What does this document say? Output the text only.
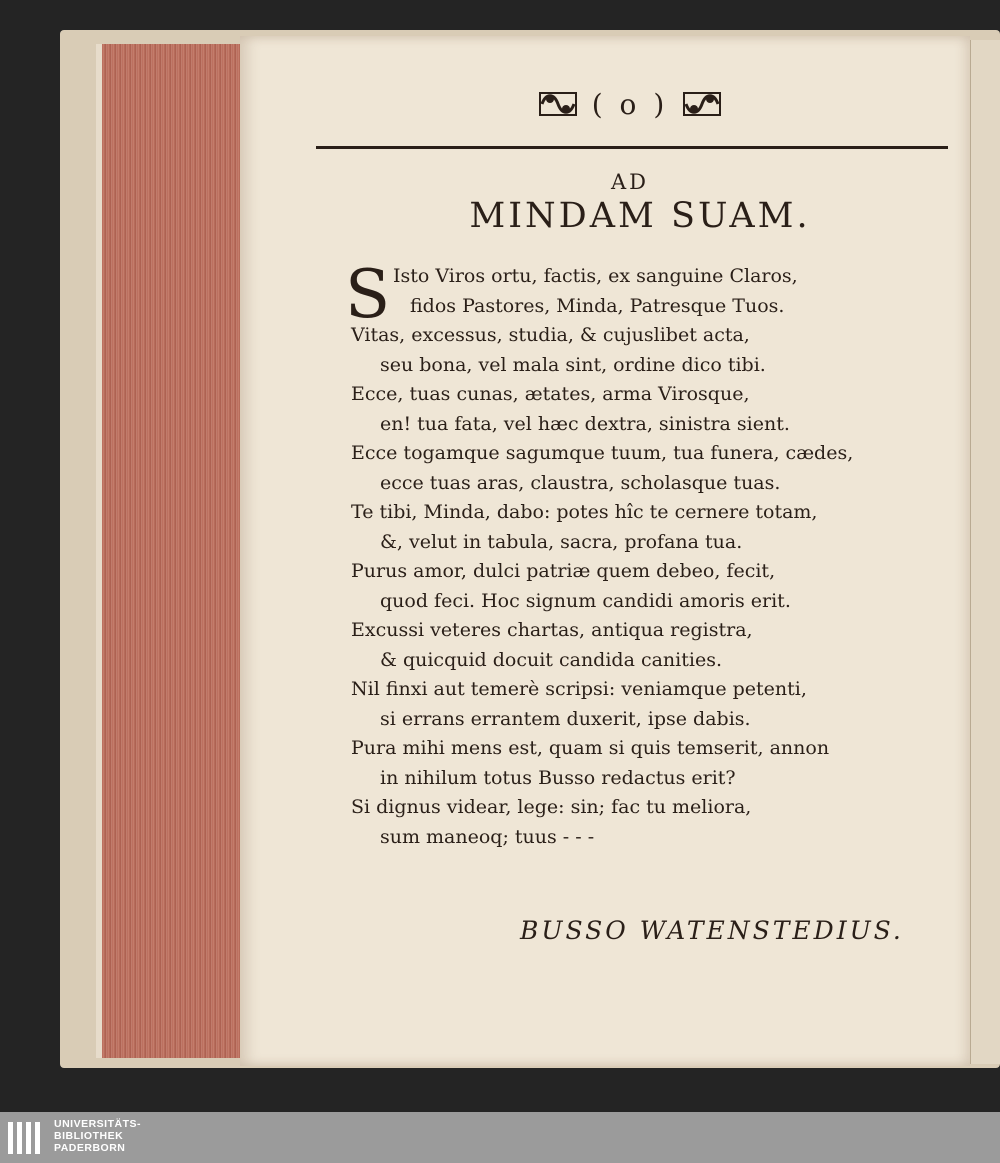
( o )
AD
MINDAM SUAM.
S Isto Viros ortu, factis, ex sanguine Claros,
fidos Pastores, Minda, Patresque Tuos.
Vitas, excessus, studia, & cujuslibet acta,
seu bona, vel mala sint, ordine dico tibi.
Ecce, tuas cunas, ætates, arma Virosque,
en! tua fata, vel hæc dextra, sinistra sient.
Ecce togamque sagumque tuum, tua funera, cædes,
ecce tuas aras, claustra, scholasque tuas.
Te tibi, Minda, dabo: potes hîc te cernere totam,
&, velut in tabula, sacra, profana tua.
Purus amor, dulci patriæ quem debeo, fecit,
quod feci. Hoc signum candidi amoris erit.
Excussi veteres chartas, antiqua registra,
& quicquid docuit candida canities.
Nil finxi aut temerè scripsi: veniamque petenti,
si errans errantem duxerit, ipse dabis.
Pura mihi mens est, quam si quis temserit, annon
in nihilum totus Busso redactus erit?
Si dignus videar, lege: sin; fac tu meliora,
sum maneoq; tuus - - -
BUSSO WATENSTEDIUS.
UNIVERSITÄTS-
BIBLIOTHEK
PADERBORN
